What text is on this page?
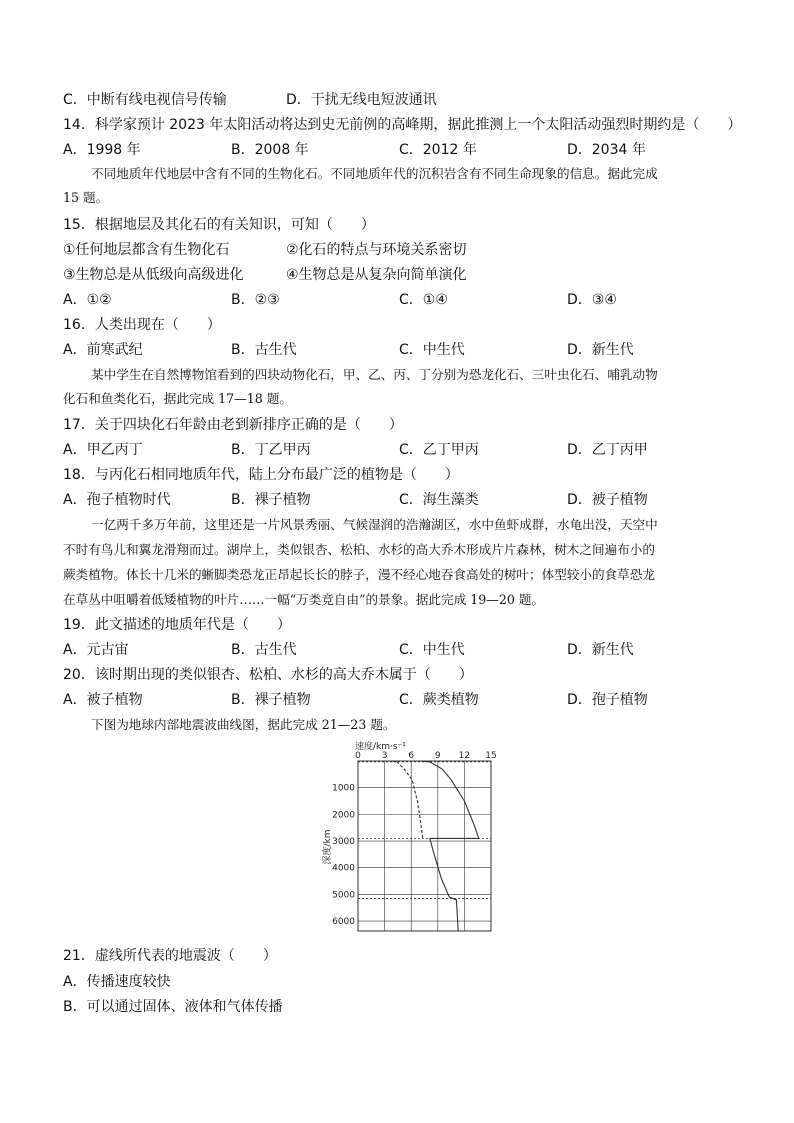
C．中断有线电视信号传输	D．干扰无线电短波通讯
14．科学家预计 2023 年太阳活动将达到史无前例的高峰期，据此推测上一个太阳活动强烈时期约是（　　）
A．1998 年	B．2008 年	C．2012 年	D．2034 年
不同地质年代地层中含有不同的生物化石。不同地质年代的沉积岩含有不同生命现象的信息。据此完成
15 题。
15．根据地层及其化石的有关知识，可知（　　）
①任何地层都含有生物化石	②化石的特点与环境关系密切
③生物总是从低级向高级进化	④生物总是从复杂向简单演化
A．①②	B．②③	C．①④	D．③④
16．人类出现在（　　）
A．前寒武纪	B．古生代	C．中生代	D．新生代
某中学生在自然博物馆看到的四块动物化石，甲、乙、丙、丁分别为恐龙化石、三叶虫化石、哺乳动物
化石和鱼类化石，据此完成 17—18 题。
17．关于四块化石年龄由老到新排序正确的是（　　）
A．甲乙丙丁	B．丁乙甲丙	C．乙丁甲丙	D．乙丁丙甲
18．与丙化石相同地质年代，陆上分布最广泛的植物是（　　）
A．孢子植物时代	B．裸子植物	C．海生藻类	D．被子植物
一亿两千多万年前，这里还是一片风景秀丽、气候湿润的浩瀚湖区，水中鱼虾成群，水龟出没，天空中
不时有鸟儿和翼龙滑翔而过。湖岸上，类似银杏、松柏、水杉的高大乔木形成片片森林，树木之间遍布小的
蕨类植物。体长十几米的蜥脚类恐龙正昂起长长的脖子，漫不经心地吞食高处的树叶；体型较小的食草恐龙
在草丛中咀嚼着低矮植物的叶片……一幅“万类竞自由”的景象。据此完成 19—20 题。
19．此文描述的地质年代是（　　）
A．元古宙	B．古生代	C．中生代	D．新生代
20．该时期出现的类似银杏、松柏、水杉的高大乔木属于（　　）
A．被子植物	B．裸子植物	C．蕨类植物	D．孢子植物
下图为地球内部地震波曲线图，据此完成 21—23 题。
速度/km·s⁻¹
0 3 6 9 12 15
1000
2000
3000
4000
5000
6000
深度/km
21．虚线所代表的地震波（　　）
A．传播速度较快
B．可以通过固体、液体和气体传播
